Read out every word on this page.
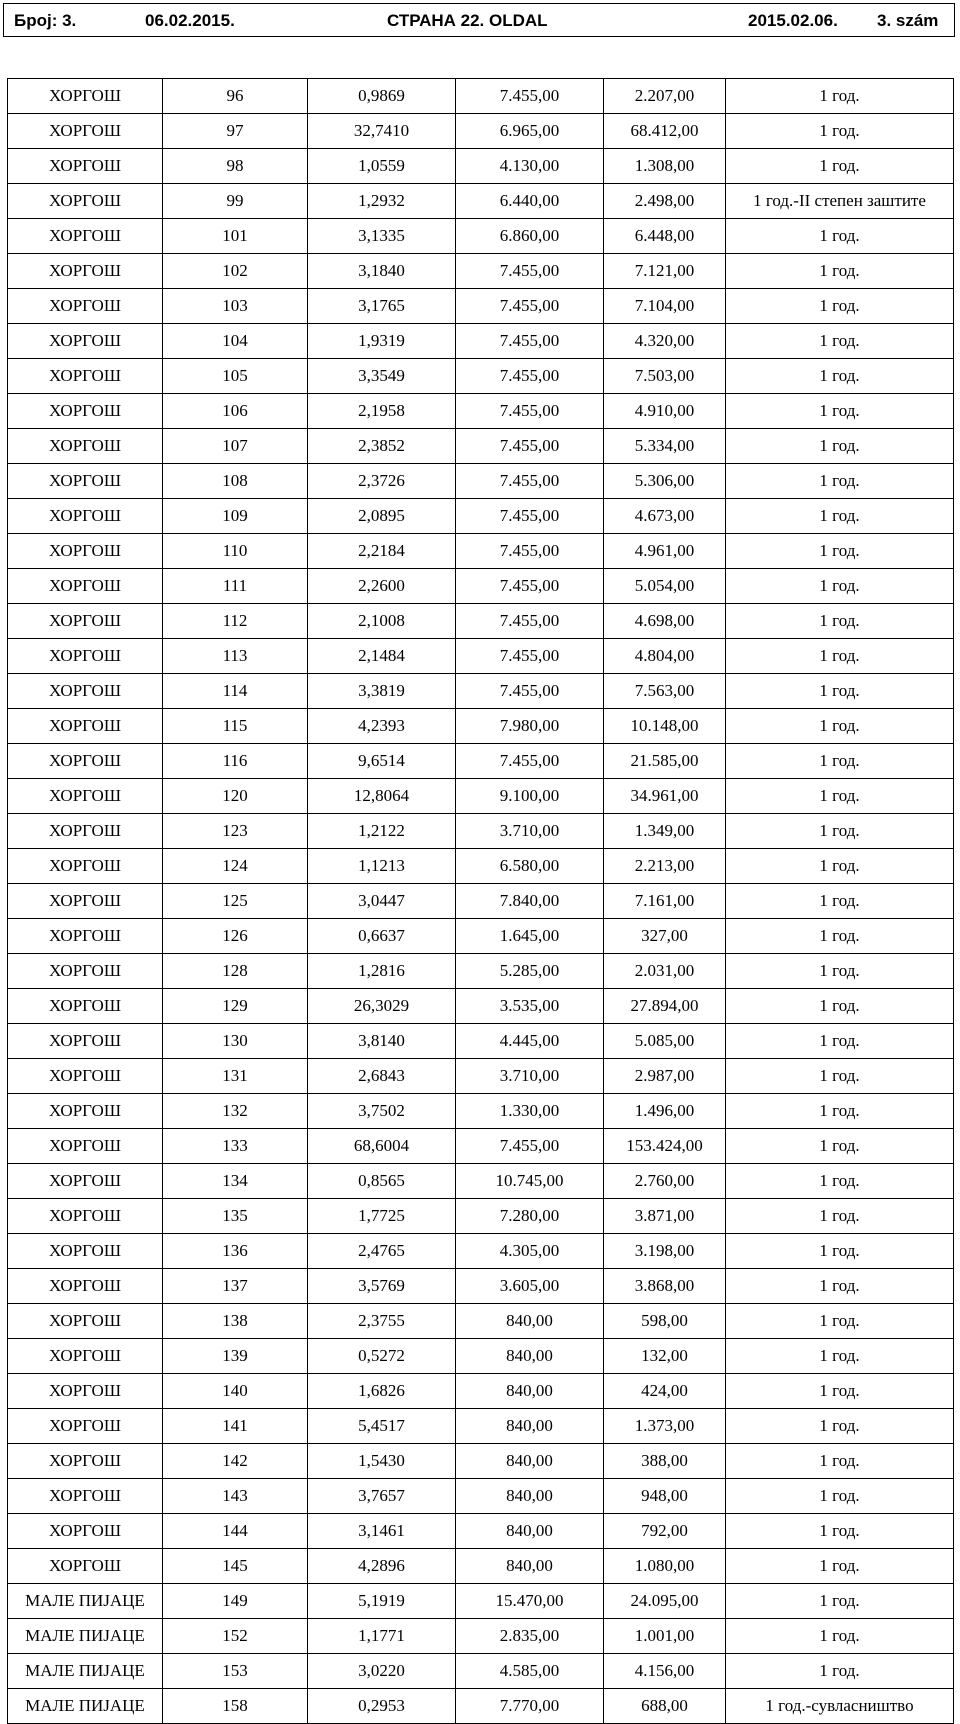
Број: 3.	06.02.2015.	СТРАНА 22. OLDAL	2015.02.06. 3. szám
ХОРГОШ	96	0,9869	7.455,00	2.207,00	1 год.
ХОРГОШ	97	32,7410	6.965,00	68.412,00	1 год.
ХОРГОШ	98	1,0559	4.130,00	1.308,00	1 год.
ХОРГОШ	99	1,2932	6.440,00	2.498,00	1 год.-II степен заштите
ХОРГОШ	101	3,1335	6.860,00	6.448,00	1 год.
ХОРГОШ	102	3,1840	7.455,00	7.121,00	1 год.
ХОРГОШ	103	3,1765	7.455,00	7.104,00	1 год.
ХОРГОШ	104	1,9319	7.455,00	4.320,00	1 год.
ХОРГОШ	105	3,3549	7.455,00	7.503,00	1 год.
ХОРГОШ	106	2,1958	7.455,00	4.910,00	1 год.
ХОРГОШ	107	2,3852	7.455,00	5.334,00	1 год.
ХОРГОШ	108	2,3726	7.455,00	5.306,00	1 год.
ХОРГОШ	109	2,0895	7.455,00	4.673,00	1 год.
ХОРГОШ	110	2,2184	7.455,00	4.961,00	1 год.
ХОРГОШ	111	2,2600	7.455,00	5.054,00	1 год.
ХОРГОШ	112	2,1008	7.455,00	4.698,00	1 год.
ХОРГОШ	113	2,1484	7.455,00	4.804,00	1 год.
ХОРГОШ	114	3,3819	7.455,00	7.563,00	1 год.
ХОРГОШ	115	4,2393	7.980,00	10.148,00	1 год.
ХОРГОШ	116	9,6514	7.455,00	21.585,00	1 год.
ХОРГОШ	120	12,8064	9.100,00	34.961,00	1 год.
ХОРГОШ	123	1,2122	3.710,00	1.349,00	1 год.
ХОРГОШ	124	1,1213	6.580,00	2.213,00	1 год.
ХОРГОШ	125	3,0447	7.840,00	7.161,00	1 год.
ХОРГОШ	126	0,6637	1.645,00	327,00	1 год.
ХОРГОШ	128	1,2816	5.285,00	2.031,00	1 год.
ХОРГОШ	129	26,3029	3.535,00	27.894,00	1 год.
ХОРГОШ	130	3,8140	4.445,00	5.085,00	1 год.
ХОРГОШ	131	2,6843	3.710,00	2.987,00	1 год.
ХОРГОШ	132	3,7502	1.330,00	1.496,00	1 год.
ХОРГОШ	133	68,6004	7.455,00	153.424,00	1 год.
ХОРГОШ	134	0,8565	10.745,00	2.760,00	1 год.
ХОРГОШ	135	1,7725	7.280,00	3.871,00	1 год.
ХОРГОШ	136	2,4765	4.305,00	3.198,00	1 год.
ХОРГОШ	137	3,5769	3.605,00	3.868,00	1 год.
ХОРГОШ	138	2,3755	840,00	598,00	1 год.
ХОРГОШ	139	0,5272	840,00	132,00	1 год.
ХОРГОШ	140	1,6826	840,00	424,00	1 год.
ХОРГОШ	141	5,4517	840,00	1.373,00	1 год.
ХОРГОШ	142	1,5430	840,00	388,00	1 год.
ХОРГОШ	143	3,7657	840,00	948,00	1 год.
ХОРГОШ	144	3,1461	840,00	792,00	1 год.
ХОРГОШ	145	4,2896	840,00	1.080,00	1 год.
МАЛЕ ПИЈАЦЕ	149	5,1919	15.470,00	24.095,00	1 год.
МАЛЕ ПИЈАЦЕ	152	1,1771	2.835,00	1.001,00	1 год.
МАЛЕ ПИЈАЦЕ	153	3,0220	4.585,00	4.156,00	1 год.
МАЛЕ ПИЈАЦЕ	158	0,2953	7.770,00	688,00	1 год.-сувласништво
